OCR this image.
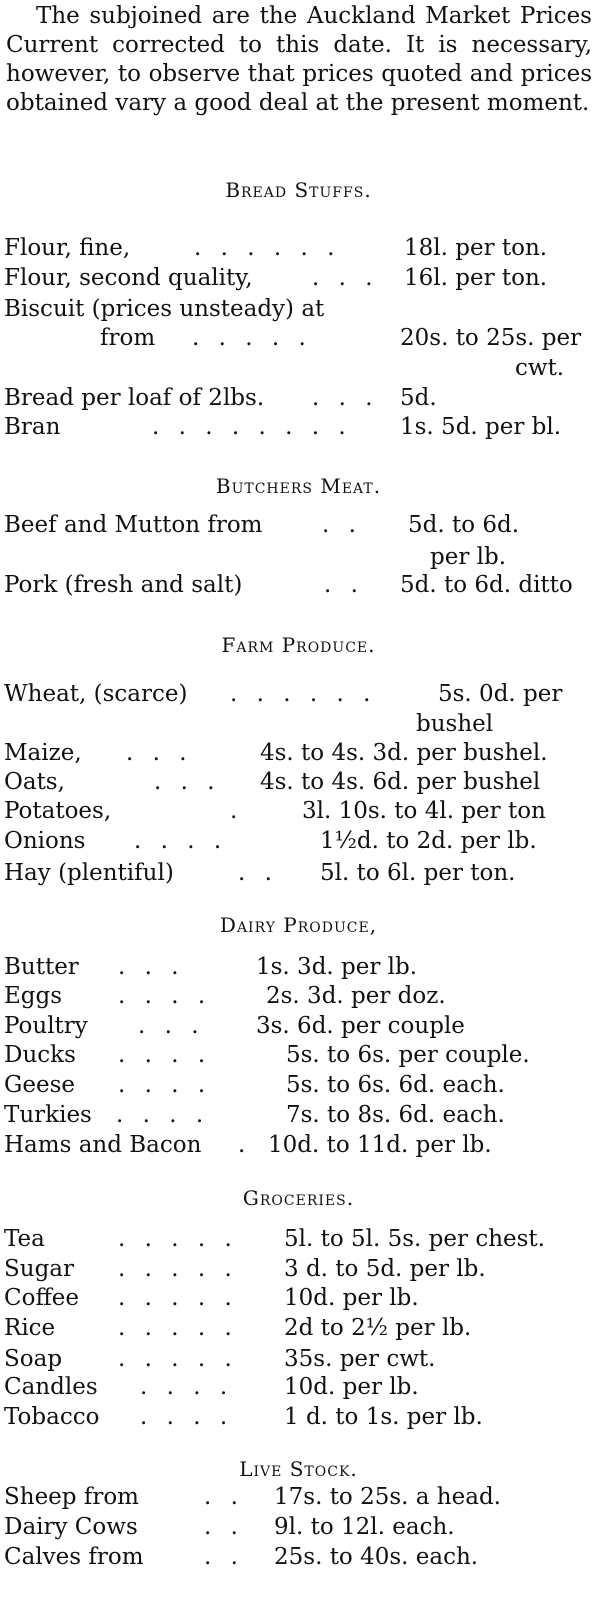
The subjoined are the Auckland Market Prices Current corrected to this date. It is necessary, however, to observe that prices quoted and prices obtained vary a good deal at the present moment.

Bread Stuffs.
Flour, fine,	. . . . . .	18l. per ton.
Flour, second quality,	. . . 16l. per ton.
Biscuit (prices unsteady) at
from . . . . .	20s. to 25s. per
cwt.
Bread per loaf of 2lbs. . . . 5d.
Bran	. . . . . . . . 1s. 5d. per bl.
Butchers Meat.
Beef and Mutton from	. . 5d. to 6d.
per lb.
Pork (fresh and salt)	. . 5d. to 6d. ditto
Farm Produce.
Wheat, (scarce) . . . . . .	5s. 0d. per
bushel
Maize, . . .	4s. to 4s. 3d. per bushel.
Oats,	. . . 4s. to 4s. 6d. per bushel
Potatoes,	.	3l. 10s. to 4l. per ton
Onions . . . .	1½d. to 2d. per lb.
Hay (plentiful)	. . 5l. to 6l. per ton.
Dairy Produce,
Butter . . .	1s. 3d. per lb.
Eggs . . . . 2s. 3d. per doz.
Poultry . . . 3s. 6d. per couple
Ducks . . . .	5s. to 6s. per couple.
Geese . . . .	5s. to 6s. 6d. each.
Turkies . . . .	7s. to 8s. 6d. each.
Hams and Bacon . 10d. to 11d. per lb.
Groceries.
Tea	. . . . . 5l. to 5l. 5s. per chest.
Sugar . . . . . 3 d. to 5d. per lb.
Coffee . . . . . 10d. per lb.
Rice	. . . . . 2d to 2½ per lb.
Soap . . . . . 35s. per cwt.
Candles . . . . 10d. per lb.
Tobacco . . . . 1 d. to 1s. per lb.
Live Stock.
Sheep from	. . 17s. to 25s. a head.
Dairy Cows	. . 9l. to 12l. each.
Calves from	. . 25s. to 40s. each.
